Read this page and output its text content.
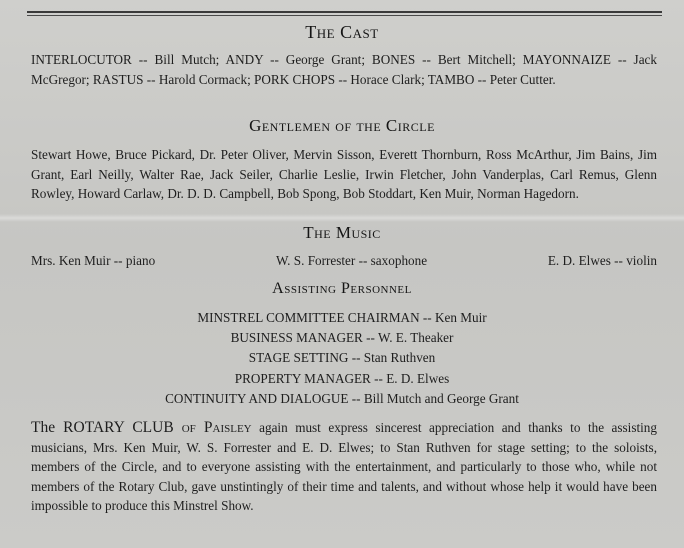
The Cast

INTERLOCUTOR -- Bill Mutch; ANDY -- George Grant; BONES -- Bert Mitchell; MAYONNAIZE -- Jack McGregor; RASTUS -- Harold Cormack; PORK CHOPS -- Horace Clark; TAMBO -- Peter Cutter.

Gentlemen of the Circle

Stewart Howe, Bruce Pickard, Dr. Peter Oliver, Mervin Sisson, Everett Thornburn, Ross McArthur, Jim Bains, Jim Grant, Earl Neilly, Walter Rae, Jack Seiler, Charlie Leslie, Irwin Fletcher, John Vanderplas, Carl Remus, Glenn Rowley, Howard Carlaw, Dr. D. D. Campbell, Bob Spong, Bob Stoddart, Ken Muir, Norman Hagedorn.

The Music
Mrs. Ken Muir -- piano	W. S. Forrester -- saxophone	E. D. Elwes -- violin
Assisting Personnel
MINSTREL COMMITTEE CHAIRMAN -- Ken Muir
BUSINESS MANAGER -- W. E. Theaker
STAGE SETTING -- Stan Ruthven
PROPERTY MANAGER -- E. D. Elwes
CONTINUITY AND DIALOGUE -- Bill Mutch and George Grant

The ROTARY CLUB of Paisley again must express sincerest appreciation and thanks to the assisting musicians, Mrs. Ken Muir, W. S. Forrester and E. D. Elwes; to Stan Ruthven for stage setting; to the soloists, members of the Circle, and to everyone assisting with the entertainment, and particularly to those who, while not members of the Rotary Club, gave unstintingly of their time and talents, and without whose help it would have been impossible to produce this Minstrel Show.
